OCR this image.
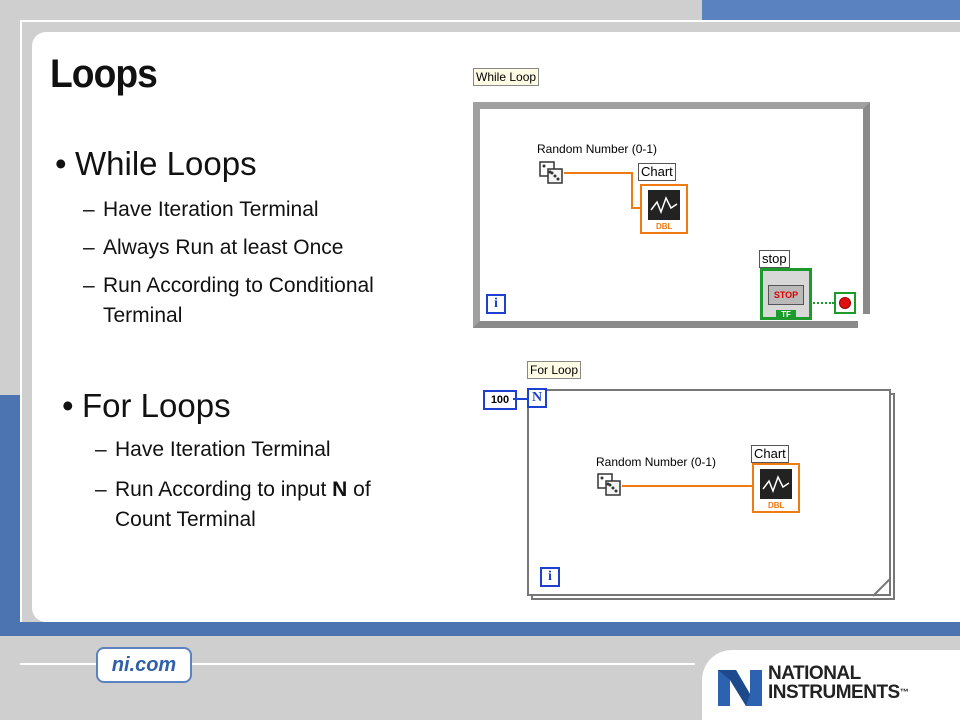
Loops
• While Loops
– Have Iteration Terminal
– Always Run at least Once
– Run According to Conditional
Terminal
• For Loops
– Have Iteration Terminal
– Run According to input N of
Count Terminal
While Loop
Random Number (0-1)
Chart
DBL
stop
STOP
TF
i
For Loop
100	N
Random Number (0-1)
Chart
DBL
i
ni.com	NATIONAL
INSTRUMENTS™
